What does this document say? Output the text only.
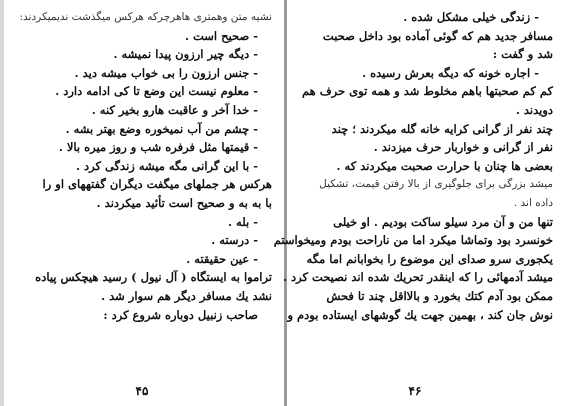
نشیه متن وهمتری هاهرچرکه هرکس میگذشت ندیمیکردند:
- صحیح است .
- دیگه چیر ارزون پیدا نمیشه .
- جنس ارزون را بی خواب میشه دید .
- معلوم نیست این وضع تا کی ادامه دارد .
- خدا آخر و عاقبت هارو بخیر کنه .
- چشم من آب نمیخوره وضع بهتر بشه .
- قیمتها مثل فرفره شب و روز میره بالا .
- با این گرانی مگه میشه زندگی کرد .
هرکس هر جملهای میگفت دیگران گفتههای او را
با به به و صحیح است تأئید میکردند .
- بله .
- درسته .
- عین حقیقته .
تراموا به ایستگاه ( آل نیول ) رسید هیچکس پیاده
نشد یك مسافر دیگر هم سوار شد .
صاحب زنبیل دوباره شروع کرد :
۴۵
- زندگی خیلی مشکل شده .
مسافر جدید هم که گوئی آماده بود داخل صحبت
شد و گفت :
- اجاره خونه که دیگه بعرش رسیده .
کم کم صحبتها باهم مخلوط شد و همه توی حرف هم
دویدند .
چند نفر از گرانی کرایه خانه گله میکردند ؛ چند
نفر از گرانی و خواربار حرف میزدند .
بعضی ها چنان با حرارت صحبت میکردند که .
میشد بزرگی برای جلوگیری از بالا رفتن قیمت، تشکیل
داده اند .
تنها من و آن مرد سیلو ساکت بودیم . او خیلی
خونسرد بود وتماشا میکرد اما من ناراحت بودم ومیخواستم
یکجوری سرو صدای این موضوع را بخوابانم اما مگه
میشد آدمهائی را که اینقدر تحریك شده اند نصیحت کرد .
ممکن بود آدم کتك بخورد و بالااقل چند تا فحش
نوش جان کند ، بهمین جهت یك گوشهای ایستاده بودم و
۴۶
